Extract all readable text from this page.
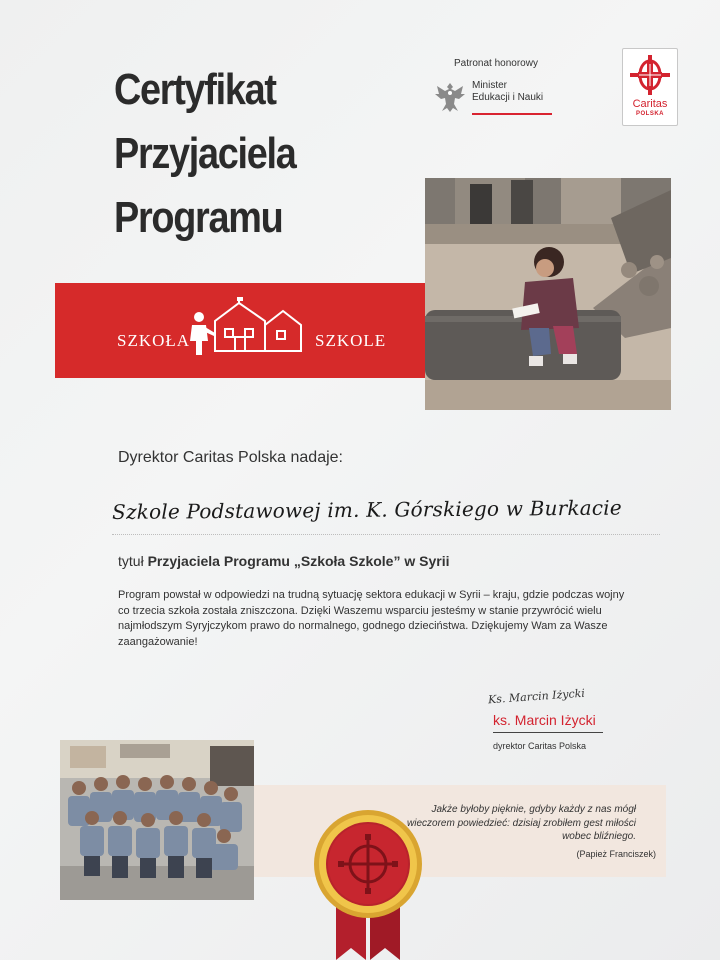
Certyfikat
Przyjaciela
Programu
Patronat honorowy
Minister
Edukacji i Nauki
Caritas
POLSKA
SZKOŁA	SZKOLE
Dyrektor Caritas Polska nadaje:
Szkole Podstawowej im. K. Górskiego w Burkacie
tytuł Przyjaciela Programu „Szkoła Szkole” w Syrii

Program powstał w odpowiedzi na trudną sytuację sektora edukacji w Syrii – kraju, gdzie podczas wojny co trzecia szkoła została zniszczona. Dzięki Waszemu wsparciu jesteśmy w stanie przywrócić wielu najmłodszym Syryjczykom prawo do normalnego, godnego dzieciństwa. Dziękujemy Wam za Wasze zaangażowanie!

Ks. Marcin Iżycki
ks. Marcin Iżycki
dyrektor Caritas Polska

Jakże byłoby pięknie, gdyby każdy z nas mógł wieczorem powiedzieć: dzisiaj zrobiłem gest miłości wobec bliźniego.

(Papież Franciszek)
